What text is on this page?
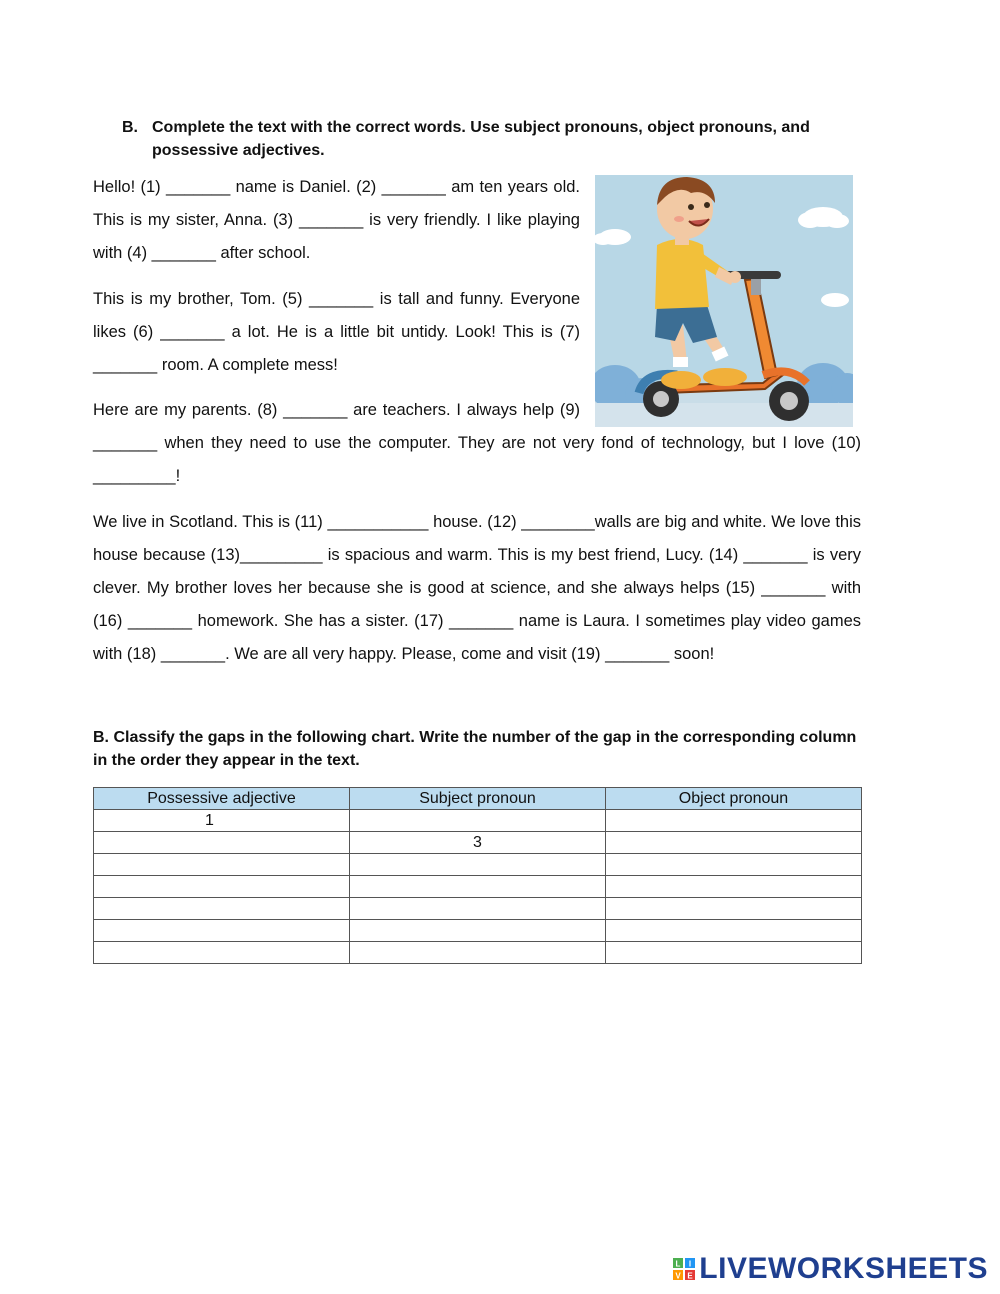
B. Complete the text with the correct words. Use subject pronouns, object pronouns, and possessive adjectives.
Hello! (1) _______ name is Daniel. (2) _______ am ten years old.
This is my sister, Anna. (3) _______ is very friendly. I like playing
with (4) _______ after school.
This is my brother, Tom. (5) _______ is tall and funny. Everyone
likes (6) _______ a lot. He is a little bit untidy. Look! This is (7)
_______ room. A complete mess!
Here are my parents. (8) _______ are teachers. I always help (9)
_______ when they need to use the computer. They are not very fond of technology, but I love (10)
_________!
We live in Scotland. This is (11) ___________ house. (12) ________walls are big and white. We love this
house because (13)_________ is spacious and warm. This is my best friend, Lucy. (14) _______ is very
clever. My brother loves her because she is good at science, and she always helps (15) _______ with
(16) _______ homework. She has a sister. (17) _______ name is Laura. I sometimes play video games
with (18) _______. We are all very happy. Please, come and visit (19) _______ soon!
B. Classify the gaps in the following chart. Write the number of the gap in the corresponding column in the order they appear in the text.
Possessive adjective	Subject pronoun	Object pronoun
1		
	3	

L I
V E LIVEWORKSHEETS
